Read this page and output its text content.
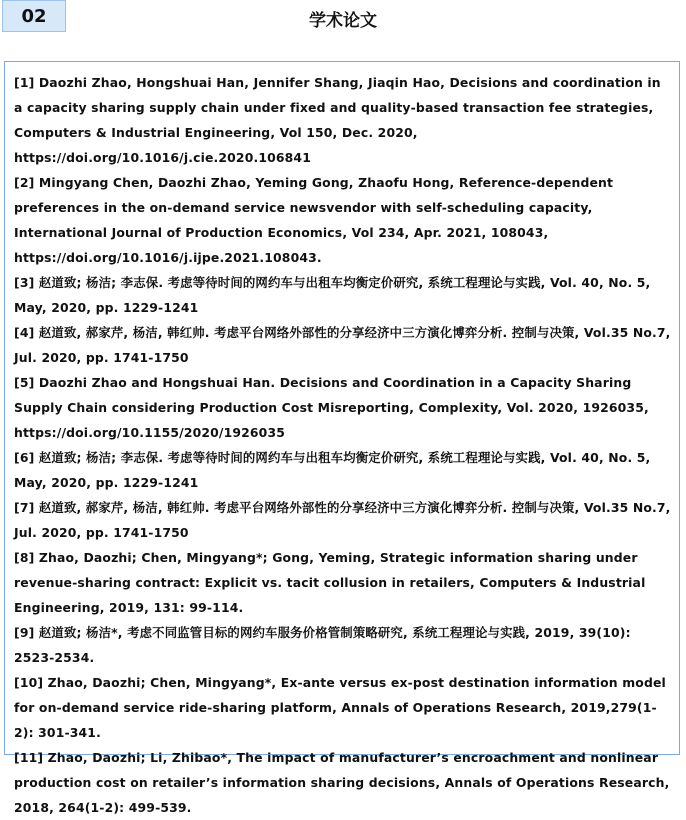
02	学术论文

[1] Daozhi Zhao, Hongshuai Han, Jennifer Shang, Jiaqin Hao, Decisions and coordination in a capacity sharing supply chain under fixed and quality-based transaction fee strategies, Computers & Industrial Engineering, Vol 150, Dec. 2020, https://doi.org/10.1016/j.cie.2020.106841

[2] Mingyang Chen, Daozhi Zhao, Yeming Gong, Zhaofu Hong, Reference-dependent preferences in the on-demand service newsvendor with self-scheduling capacity, International Journal of Production Economics, Vol 234, Apr. 2021, 108043, https://doi.org/10.1016/j.ijpe.2021.108043.

[3] 赵道致; 杨洁; 李志保. 考虑等待时间的网约车与出租车均衡定价研究, 系统工程理论与实践, Vol. 40, No. 5, May, 2020, pp. 1229-1241

[4] 赵道致, 郝家芹, 杨洁, 韩红帅. 考虑平台网络外部性的分享经济中三方演化博弈分析. 控制与决策, Vol.35 No.7, Jul. 2020, pp. 1741-1750

[5] Daozhi Zhao and Hongshuai Han. Decisions and Coordination in a Capacity Sharing Supply Chain considering Production Cost Misreporting, Complexity, Vol. 2020, 1926035, https://doi.org/10.1155/2020/1926035

[6] 赵道致; 杨洁; 李志保. 考虑等待时间的网约车与出租车均衡定价研究, 系统工程理论与实践, Vol. 40, No. 5, May, 2020, pp. 1229-1241

[7] 赵道致, 郝家芹, 杨洁, 韩红帅. 考虑平台网络外部性的分享经济中三方演化博弈分析. 控制与决策, Vol.35 No.7, Jul. 2020, pp. 1741-1750

[8] Zhao, Daozhi; Chen, Mingyang*; Gong, Yeming, Strategic information sharing under revenue-sharing contract: Explicit vs. tacit collusion in retailers, Computers & Industrial Engineering, 2019, 131: 99-114.

[9] 赵道致; 杨洁*, 考虑不同监管目标的网约车服务价格管制策略研究, 系统工程理论与实践, 2019, 39(10): 2523-2534.

[10] Zhao, Daozhi; Chen, Mingyang*, Ex-ante versus ex-post destination information model for on-demand service ride-sharing platform, Annals of Operations Research, 2019,279(1-2): 301-341.

[11] Zhao, Daozhi; Li, Zhibao*, The impact of manufacturer’s encroachment and nonlinear production cost on retailer’s information sharing decisions, Annals of Operations Research, 2018, 264(1-2): 499-539.
